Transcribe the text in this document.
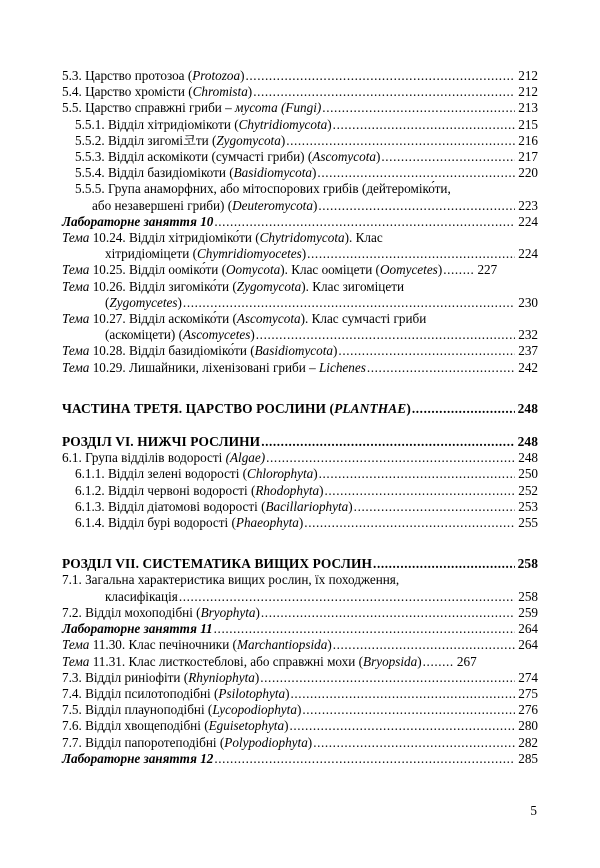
5.3. Царство протозоа (Protozoa) .....	212
5.4. Царство хроміcти (Chromista) .....	212
5.5. Царство справжні гриби – мусота (Fungi) .....	213
5.5.1. Відділ хітридіомікоти (Chytridiomycota) .....	215
5.5.2. Відділ зигомі코ти (Zygomycota) .....	216
5.5.3. Відділ аскомікоти (сумчасті гриби) (Ascomycota) .....	217
5.5.4. Відділ базидіомікоти (Basidiomycota) .....	220
5.5.5. Група анаморфних, або мітоспорових грибів (дейтероміко́ти,
або незавершені гриби) (Deuteromycota) .....	223
Лабораторне заняття 10 .....	224
Тема 10.24. Відділ хітридіоміко́ти (Chytridomycota). Клас
хітридіоміцети (Chymridiomyocetes) .....	224
Тема 10.25. Відділ ооміко́ти (Oomycota). Клас ооміцети (Oomycetes) .....	227
Тема 10.26. Відділ зигоміко́ти (Zygomycota). Клас зигоміцети
(Zygomycetes) .....	230
Тема 10.27. Відділ аскоміко́ти (Ascomycota). Клас сумчасті гриби
(аскоміцети) (Ascomycetes) .....	232
Тема 10.28. Відділ базидіоміко́ти (Basidiomycota) .....	237
Тема 10.29. Лишайники, ліхенізовані гриби – Lichenes .....	242
ЧАСТИНА ТРЕТЯ. ЦАРСТВО РОСЛИНИ (PLANTHAE) .....	248
РОЗДІЛ VI. НИЖЧІ РОСЛИНИ .....	248
6.1. Група відділів водорості (Algae) .....	248
6.1.1. Відділ зелені водорості (Chlorophyta) .....	250
6.1.2. Відділ червоні водорості (Rhodophyta) .....	252
6.1.3. Відділ діатомові водорості (Bacillariophyta) .....	253
6.1.4. Відділ бурі водорості (Phaeophyta) .....	255
РОЗДІЛ VII. СИСТЕМАТИКА ВИЩИХ РОСЛИН .....	258
7.1. Загальна характеристика вищих рослин, їх походження,
класифікація .....	258
7.2. Відділ мохоподібні (Bryophyta) .....	259
Лабораторне заняття 11 .....	264
Тема 11.30. Клас печіночники (Marchantiopsida) .....	264
Тема 11.31. Клас листкостеблові, або справжні мохи (Bryopsida) .....	267
7.3. Відділ риніофіти (Rhyniophyta) .....	274
7.4. Відділ псилотоподібні (Psilotophyta) .....	275
7.5. Відділ плауноподібні (Lycopodiophyta) .....	276
7.6. Відділ хвощеподібні (Eguisetophyta) .....	280
7.7. Відділ папоротеподібні (Polypodiophyta) .....	282
Лабораторне заняття 12 .....	285
5
